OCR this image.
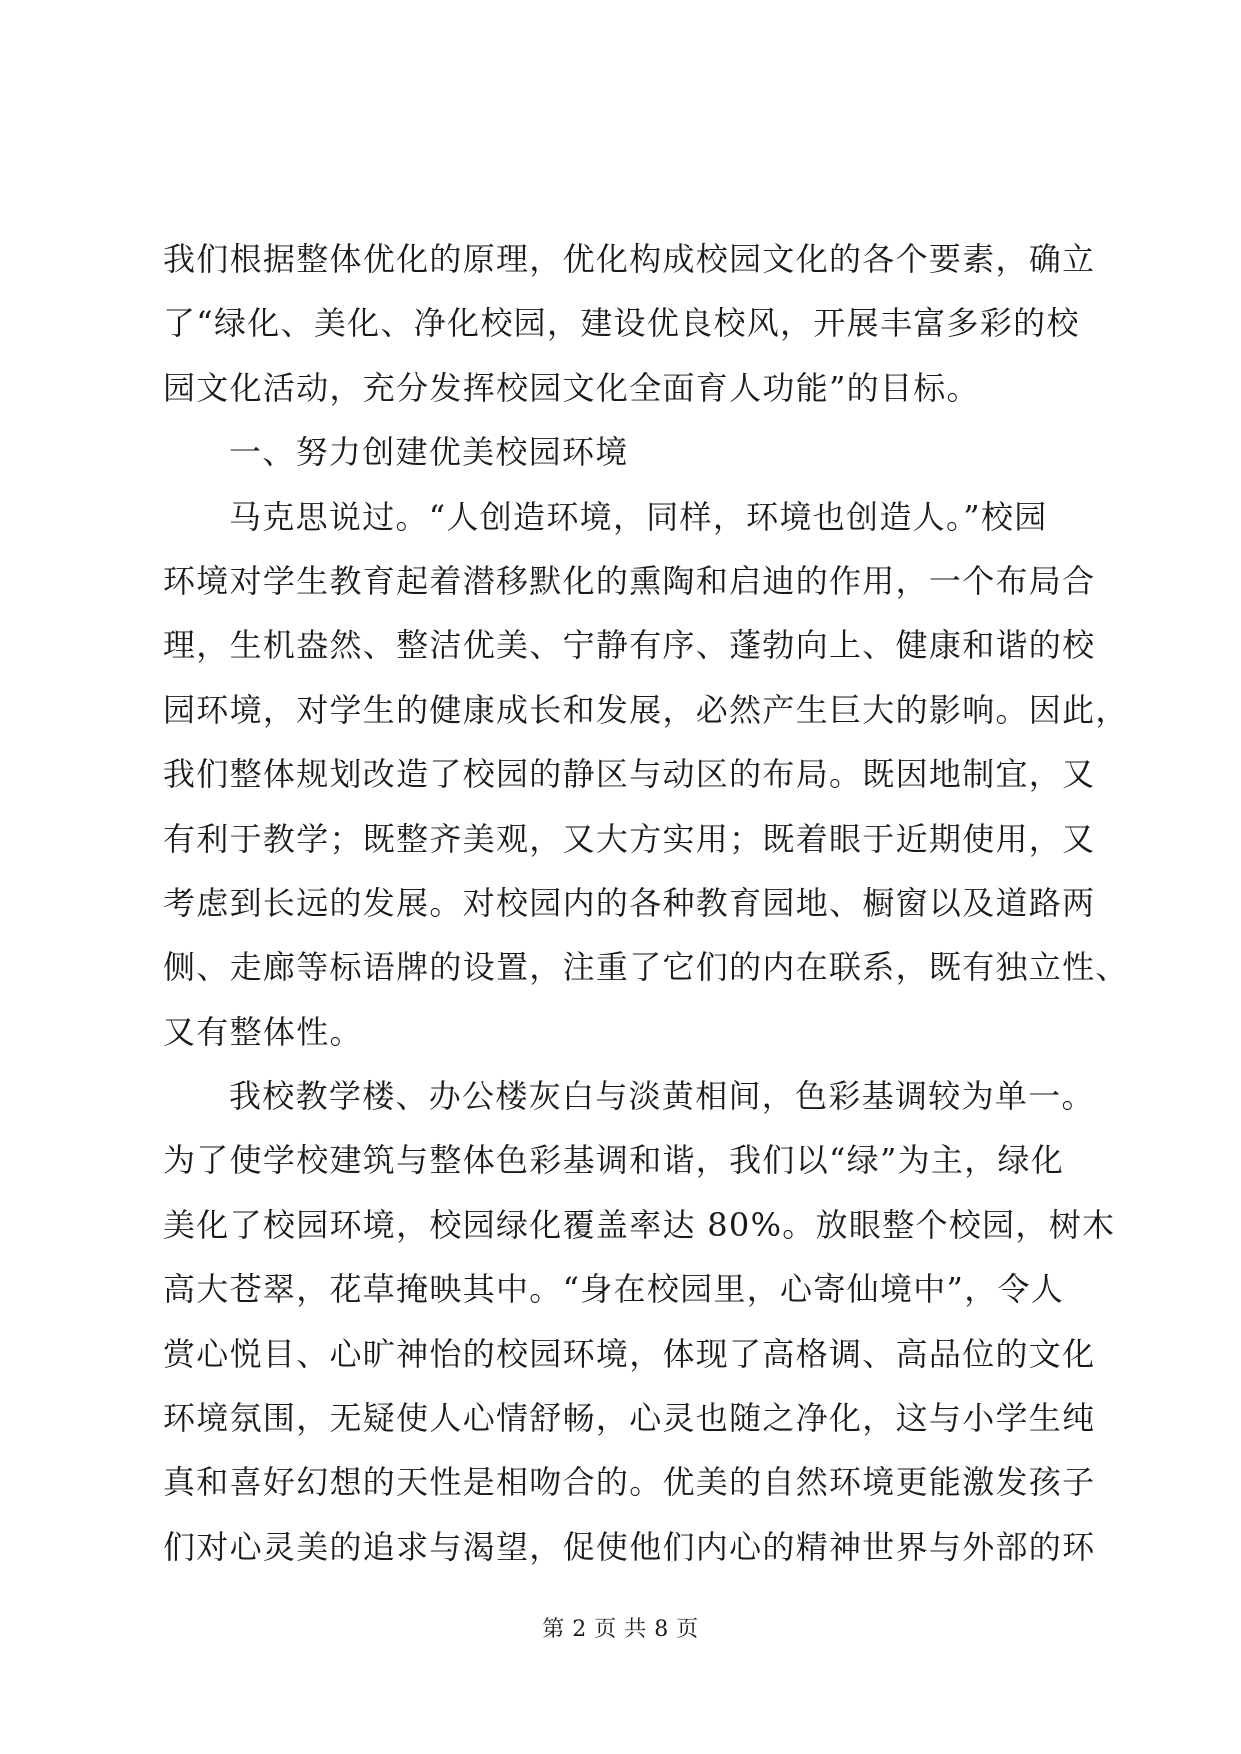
我们根据整体优化的原理，优化构成校园文化的各个要素，确立
了“绿化、美化、净化校园，建设优良校风，开展丰富多彩的校
园文化活动，充分发挥校园文化全面育人功能”的目标。
一、努力创建优美校园环境
马克思说过。“人创造环境，同样，环境也创造人。”校园
环境对学生教育起着潜移默化的熏陶和启迪的作用，一个布局合
理，生机盎然、整洁优美、宁静有序、蓬勃向上、健康和谐的校
园环境，对学生的健康成长和发展，必然产生巨大的影响。因此，
我们整体规划改造了校园的静区与动区的布局。既因地制宜，又
有利于教学；既整齐美观，又大方实用；既着眼于近期使用，又
考虑到长远的发展。对校园内的各种教育园地、橱窗以及道路两
侧、走廊等标语牌的设置，注重了它们的内在联系，既有独立性、
又有整体性。
我校教学楼、办公楼灰白与淡黄相间，色彩基调较为单一。
为了使学校建筑与整体色彩基调和谐，我们以“绿”为主，绿化
美化了校园环境，校园绿化覆盖率达 80%。放眼整个校园，树木
高大苍翠，花草掩映其中。“身在校园里，心寄仙境中”，令人
赏心悦目、心旷神怡的校园环境，体现了高格调、高品位的文化
环境氛围，无疑使人心情舒畅，心灵也随之净化，这与小学生纯
真和喜好幻想的天性是相吻合的。优美的自然环境更能激发孩子
们对心灵美的追求与渴望，促使他们内心的精神世界与外部的环
第 2 页 共 8 页
